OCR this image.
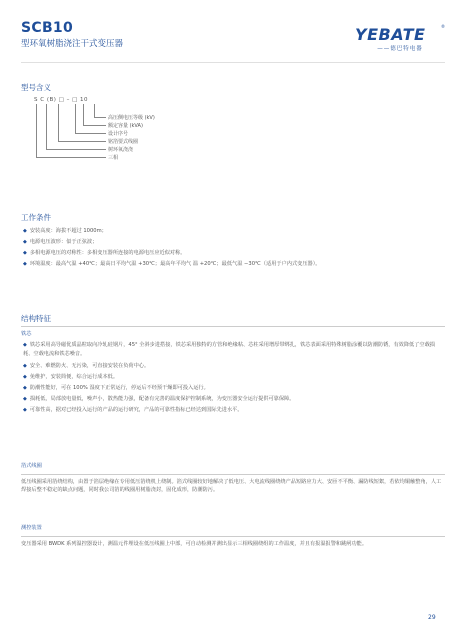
SCB10
型环氧树脂浇注干式变压器	YEBATE
——德巴特电器
®
型号含义
S C (B) □ – □ 10
高压侧电压等级 (kV)
额定容量 (kVA)
设计序号
铭箔要式线圈
树环氧浇浇
三相
工作条件
◆ 安装高度：海拔不超过 1000m；
◆ 电源电压波形：似于正弦波；
◆ 多相电源电压的对称性：多相变压器所连接的电源电压应近似对称。
◆ 环境温度：最高气温 +40℃；最高日平均气温 +30℃；最高年平均气 温 +20℃；最低气温 −30℃（适用于户内式变压器）。
结构特征
铁芯
◆ 铁芯采用高导磁优质晶粒取向冷轧硅钢片，45° 全斜步进搭接，铁芯采用独特的方管和绝缘粘、芯柱采用增厚带绑扎，铁芯表面采用特殊树脂涂覆以防潮防锈，有效降低了空载损耗、空载电流和铁芯噪音。
◆ 安全、难燃防火、无污染，可直接安装在负荷中心。
◆ 免维护，安装简便，综合运行成本低。
◆ 防潮性能好，可在 100% 湿度下正常运行，停运后不经预干燥即可投入运行。
◆ 损耗低，局部放电量低，噪声小，散热能力强，配备有完善的温度保护控制系统，为变压器安全运行提供可靠保障。
◆ 可靠性高，据对已经投入运行的产品的运行研究，产品的可靠性指标已经达到国际先进水平。
箔式线圈
低压线圈采用箔绕结构，由置于箔层绝缘在专用低压箔绕机上绕制。箔式线圈较好地解决了低电压、大电流线圈绕绕产品短路应力大、安匝不平衡、漏防线短絮，若依均铜触整角，人工焊接后整不稳定的缺点问题，同时我公司箔的线圈用树脂浇封，固化成形，防潮防污。
测控装置
变压器采用 BWDK 系列温控器设计，测温元件埋设在低压线圈上中部，可自动检测并测出显示三相线圈绕组的工作温度，并且有报温报警和跳闸功能。
29
